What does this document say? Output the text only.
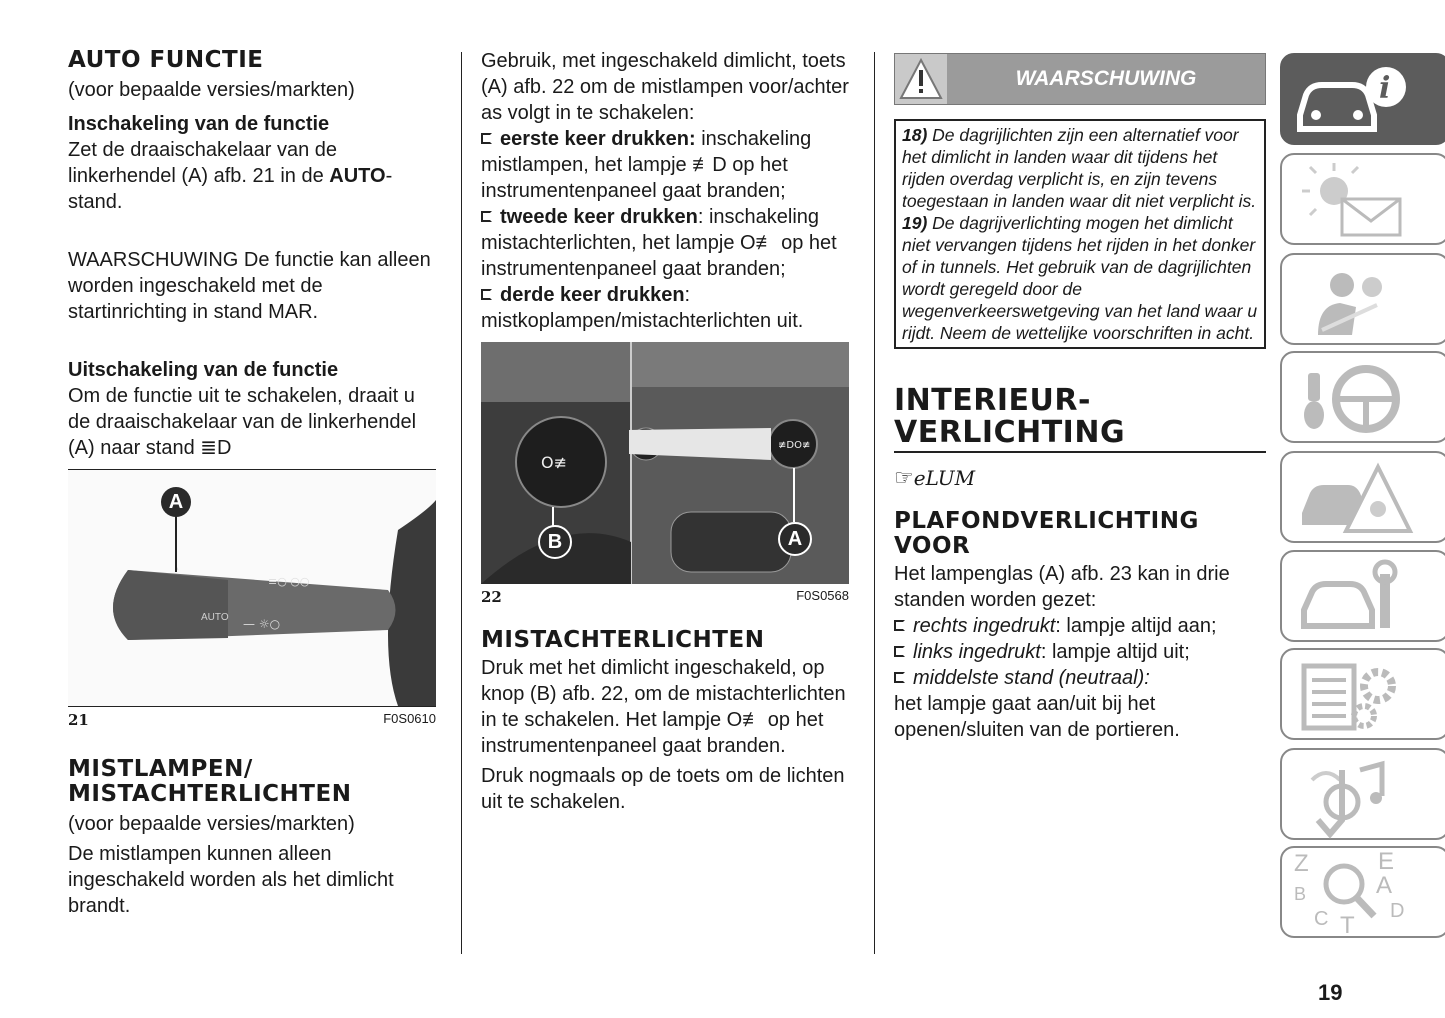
AUTO FUNCTIE

(voor bepaalde versies/markten)

Inschakeling van de functie

Zet de draaischakelaar van de linkerhendel (A) afb. 21 in de AUTO-stand.

WAARSCHUWING De functie kan alleen worden ingeschakeld met de startinrichting in stand MAR.

Uitschakeling van de functie

Om de functie uit te schakelen, draait u de draaischakelaar van de linkerhendel (A) naar stand ≣D

AUTO
≡○ ○○
— ☼○
A
21	F0S0610
MISTLAMPEN/
MISTACHTERLICHTEN

(voor bepaalde versies/markten)

De mistlampen kunnen alleen ingeschakeld worden als het dimlicht brandt.

Gebruik, met ingeschakeld dimlicht, toets (A) afb. 22 om de mistlampen voor/achter as volgt in te schakelen:

eerste keer drukken: inschakeling mistlampen, het lampje ≢D op het instrumentenpaneel gaat branden;

tweede keer drukken: inschakeling mistachterlichten, het lampje O≢ op het instrumentenpaneel gaat branden;

derde keer drukken:

mistkoplampen/mistachterlichten uit.

O≢
≢DO≢
B	A
22	F0S0568
MISTACHTERLICHTEN

Druk met het dimlicht ingeschakeld, op knop (B) afb. 22, om de mistachterlichten in te schakelen. Het lampje O≢ op het instrumentenpaneel gaat branden.

Druk nogmaals op de toets om de lichten uit te schakelen.

WAARSCHUWING
18) De dagrijlichten zijn een alternatief voor het dimlicht in landen waar dit tijdens het rijden overdag verplicht is, en zijn tevens toegestaan in landen waar dit niet verplicht is.
19) De dagrijverlichting mogen het dimlicht niet vervangen tijdens het rijden in het donker of in tunnels. Het gebruik van de dagrijlichten wordt geregeld door de wegenverkeerswetgeving van het land waar u rijdt. Neem de wettelijke voorschriften in acht.
INTERIEUR-
VERLICHTING
☞ eLUM
PLAFONDVERLICHTING
VOOR

Het lampenglas (A) afb. 23 kan in drie standen worden gezet:

rechts ingedrukt: lampje altijd aan;

links ingedrukt: lampje altijd uit;

middelste stand (neutraal):

het lampje gaat aan/uit bij het openen/sluiten van de portieren.

i
Z	E
B	A
D
C T
19
